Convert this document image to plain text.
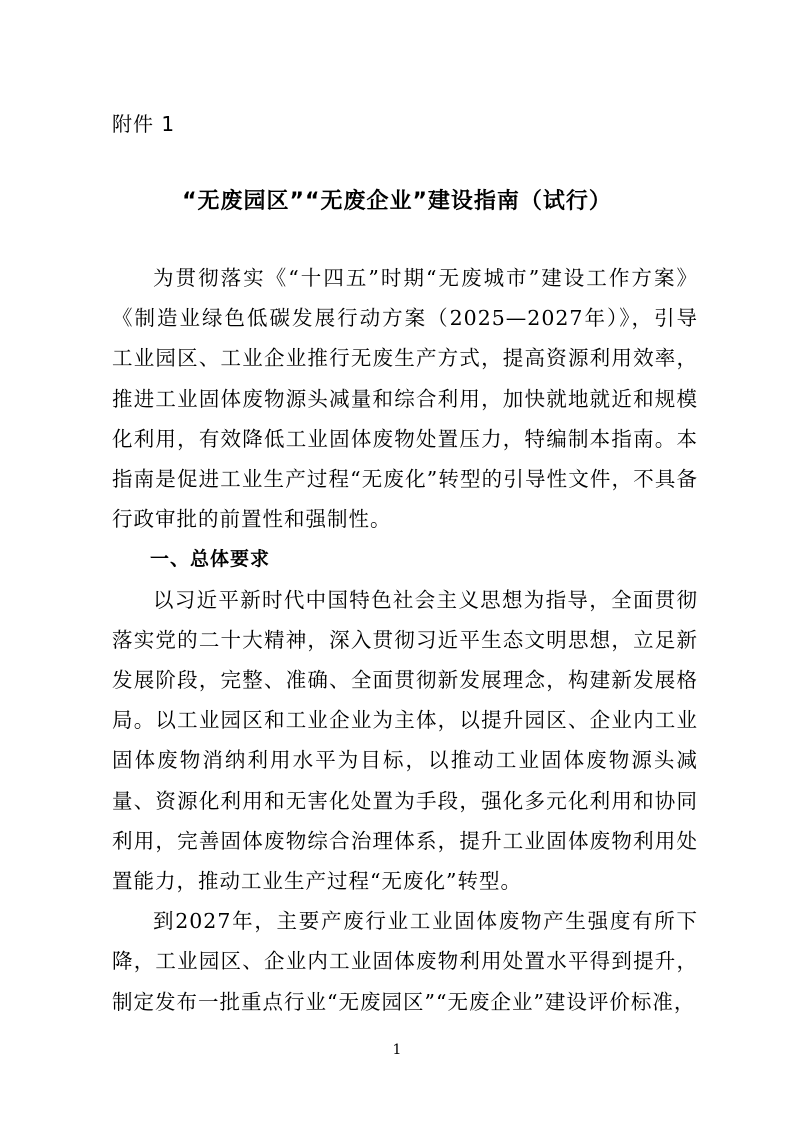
附件 1
“无废园区”“无废企业”建设指南（试行）

为贯彻落实《“十四五”时期“无废城市”建设工作方案》《制造业绿色低碳发展行动方案（2025—2027年）》，引导工业园区、工业企业推行无废生产方式，提高资源利用效率，推进工业固体废物源头减量和综合利用，加快就地就近和规模化利用，有效降低工业固体废物处置压力，特编制本指南。本指南是促进工业生产过程“无废化”转型的引导性文件，不具备行政审批的前置性和强制性。

一、总体要求

以习近平新时代中国特色社会主义思想为指导，全面贯彻落实党的二十大精神，深入贯彻习近平生态文明思想，立足新发展阶段，完整、准确、全面贯彻新发展理念，构建新发展格局。以工业园区和工业企业为主体，以提升园区、企业内工业固体废物消纳利用水平为目标，以推动工业固体废物源头减量、资源化利用和无害化处置为手段，强化多元化利用和协同利用，完善固体废物综合治理体系，提升工业固体废物利用处置能力，推动工业生产过程“无废化”转型。

到2027年，主要产废行业工业固体废物产生强度有所下降，工业园区、企业内工业固体废物利用处置水平得到提升，制定发布一批重点行业“无废园区”“无废企业”建设评价标准，

1
